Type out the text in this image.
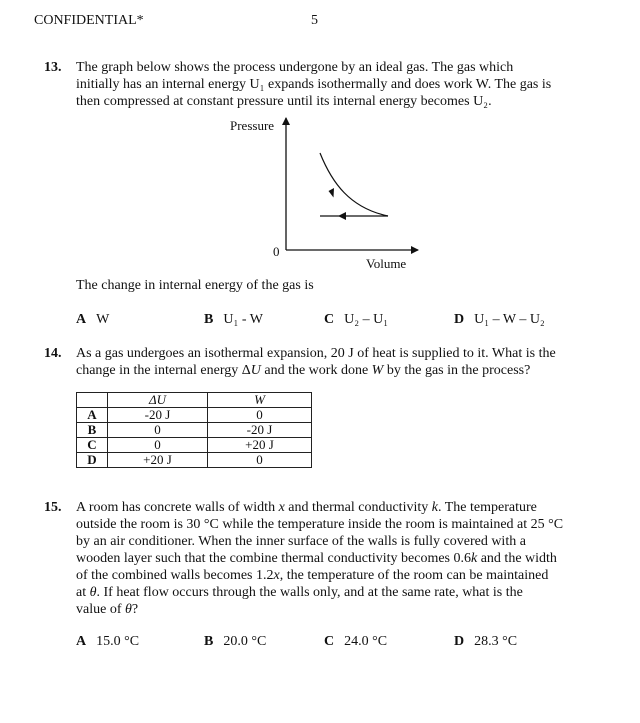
CONFIDENTIAL*	5
13. The graph below shows the process undergone by an ideal gas. The gas which
initially has an internal energy U₁ expands isothermally and does work W. The gas is
then compressed at constant pressure until its internal energy becomes U₂.
Pressure
0
Volume
The change in internal energy of the gas is
A W	B U₁ - W	C U₂ – U₁	D U₁ – W – U₂
14. As a gas undergoes an isothermal expansion, 20 J of heat is supplied to it. What is the
change in the internal energy ΔU and the work done W by the gas in the process?
	ΔU	W
A	-20 J	0
B	0	-20 J
C	0	+20 J
D	+20 J	0
15. A room has concrete walls of width x and thermal conductivity k. The temperature
outside the room is 30 °C while the temperature inside the room is maintained at 25 °C
by an air conditioner. When the inner surface of the walls is fully covered with a
wooden layer such that the combine thermal conductivity becomes 0.6k and the width
of the combined walls becomes 1.2x, the temperature of the room can be maintained
at θ. If heat flow occurs through the walls only, and at the same rate, what is the
value of θ?
A 15.0 °C	B 20.0 °C	C 24.0 °C	D 28.3 °C
